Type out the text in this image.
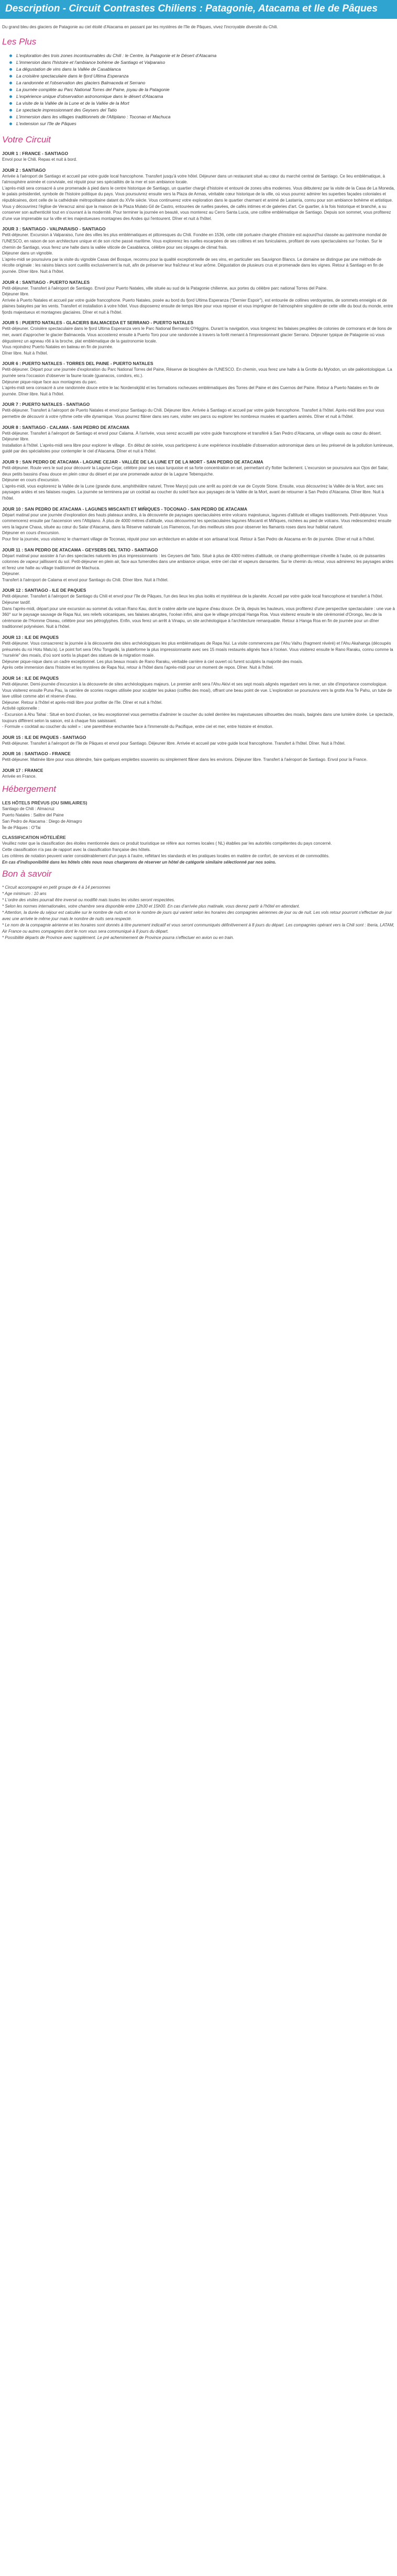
Description - Circuit Contrastes Chiliens : Patagonie, Atacama et Ile de Pâques

Du grand bleu des glaciers de Patagonie au ciel étoilé d'Atacama en passant par les mystères de l'île de Pâques, vivez l'incroyable diversité du Chili.

Les Plus
L'exploration des trois zones incontournables du Chili : le Centre, la Patagonie et le Désert d'Atacama
L'immersion dans l'histoire et l'ambiance bohème de Santiago et Valparaiso
La dégustation de vins dans la Vallée de Casablanca
La croisière spectaculaire dans le fjord Ultima Esperanza
La randonnée et l'observation des glaciers Balmaceda et Serrano
La journée complète au Parc National Torres del Paine, joyau de la Patagonie
L'expérience unique d'observation astronomique dans le désert d'Atacama
La visite de la Vallée de la Lune et de la Vallée de la Mort
Le spectacle impressionnant des Geysers del Tatio
L'immersion dans les villages traditionnels de l'Altiplano : Toconao et Machuca
L'extension sur l'île de Pâques
Votre Circuit
JOUR 1 : FRANCE - SANTIAGO

Envol pour le Chili. Repas et nuit à bord.

JOUR 2 : SANTIAGO

Arrivée à l'aéroport de Santiago et accueil par votre guide local francophone. Transfert jusqu'à votre hôtel. Déjeuner dans un restaurant situé au cœur du marché central de Santiago. Ce lieu emblématique, à l'atmosphère animée et conviviale, est réputé pour ses spécialités de la mer et son ambiance locale.

L'après-midi sera consacré à une promenade à pied dans le centre historique de Santiago, un quartier chargé d'histoire et entouré de zones ultra modernes. Vous débuterez par la visite de la Casa de La Moneda, le palais présidentiel, symbole de l'histoire politique du pays. Vous poursuivrez ensuite vers la Plaza de Armas, véritable cœur historique de la ville, où vous pourrez admirer les superbes façades coloniales et républicaines, dont celle de la cathédrale métropolitaine datant du XVIe siècle. Vous continuerez votre exploration dans le quartier charmant et animé de Lastarria, connu pour son ambiance bohème et artistique. Vous y découvrirez l'église de Veracruz ainsi que la maison de la Plaza Mulato Gil de Castro, entourées de ruelles pavées, de cafés intimes et de galeries d'art. Ce quartier, à la fois historique et branché, a su conserver son authenticité tout en s'ouvrant à la modernité. Pour terminer la journée en beauté, vous monterez au Cerro Santa Lucia, une colline emblématique de Santiago. Depuis son sommet, vous profiterez d'une vue imprenable sur la ville et les majestueuses montagnes des Andes qui l'entourent. Dîner et nuit à l'hôtel.

JOUR 3 : SANTIAGO - VALPARAISO - SANTIAGO

Petit-déjeuner. Excursion à Valparaiso, l'une des villes les plus emblématiques et pittoresques du Chili. Fondée en 1536, cette cité portuaire chargée d'histoire est aujourd'hui classée au patrimoine mondial de l'UNESCO, en raison de son architecture unique et de son riche passé maritime. Vous explorerez les ruelles escarpées de ses collines et ses funiculaires, profitant de vues spectaculaires sur l'océan. Sur le chemin de Santiago, vous ferez une halte dans la vallée viticole de Casablanca, célèbre pour ses cépages de climat frais.

Déjeuner dans un vignoble.

L'après-midi se poursuivra par la visite du vignoble Casas del Bosque, reconnu pour la qualité exceptionnelle de ses vins, en particulier ses Sauvignon Blancs. Le domaine se distingue par une méthode de récolte originale : les raisins blancs sont cueillis exclusivement la nuit, afin de préserver leur fraîcheur et leur arôme. Dégustation de plusieurs crus et promenade dans les vignes. Retour à Santiago en fin de journée. Dîner libre. Nuit à l'hôtel.

JOUR 4 : SANTIAGO - PUERTO NATALES

Petit-déjeuner. Transfert à l'aéroport de Santiago. Envol pour Puerto Natales, ville située au sud de la Patagonie chilienne, aux portes du célèbre parc national Torres del Paine.

Déjeuner libre.

Arrivée à Puerto Natales et accueil par votre guide francophone. Puerto Natales, posée au bord du fjord Ultima Esperanza ("Dernier Espoir"), est entourée de collines verdoyantes, de sommets enneigés et de plaines balayées par les vents. Transfert et installation à votre hôtel. Vous disposerez ensuite de temps libre pour vous reposer et vous imprégner de l'atmosphère singulière de cette ville du bout du monde, entre fjords majestueux et montagnes glaciaires. Dîner et nuit à l'hôtel.

JOUR 5 : PUERTO NATALES - GLACIERS BALMACEDA ET SERRANO - PUERTO NATALES

Petit-déjeuner. Croisière spectaculaire dans le fjord Ultima Esperanza vers le Parc National Bernardo O'Higgins. Durant la navigation, vous longerez les falaises peuplées de colonies de cormorans et de lions de mer, avant d'approcher le glacier Balmaceda. Vous accosterez ensuite à Puerto Toro pour une randonnée à travers la forêt menant à l'impressionnant glacier Serrano. Déjeuner typique de Patagonie où vous dégusterez un agneau rôti à la broche, plat emblématique de la gastronomie locale.

Vous rejoindrez Puerto Natales en bateau en fin de journée.

Dîner libre. Nuit à l'hôtel.

JOUR 6 : PUERTO NATALES - TORRES DEL PAINE - PUERTO NATALES

Petit-déjeuner. Départ pour une journée d'exploration du Parc National Torres del Paine, Réserve de biosphère de l'UNESCO. En chemin, vous ferez une halte à la Grotte du Mylodon, un site paléontologique. La journée sera l'occasion d'observer la faune locale (guanacos, condors, etc.).

Déjeuner pique-nique face aux montagnes du parc.

L'après-midi sera consacré à une randonnée douce entre le lac Nordenskjöld et les formations rocheuses emblématiques des Torres del Paine et des Cuernos del Paine. Retour à Puerto Natales en fin de journée. Dîner libre. Nuit à l'hôtel.

JOUR 7 : PUERTO NATALES - SANTIAGO

Petit-déjeuner. Transfert à l'aéroport de Puerto Natales et envol pour Santiago du Chili. Déjeuner libre. Arrivée à Santiago et accueil par votre guide francophone. Transfert à l'hôtel. Après-midi libre pour vous permettre de découvrir à votre rythme cette ville dynamique. Vous pourrez flâner dans ses rues, visiter ses parcs ou explorer les nombreux musées et quartiers animés. Dîner et nuit à l'hôtel.

JOUR 8 : SANTIAGO - CALAMA - SAN PEDRO DE ATACAMA

Petit-déjeuner. Transfert à l'aéroport de Santiago et envol pour Calama. À l'arrivée, vous serez accueilli par votre guide francophone et transféré à San Pedro d'Atacama, un village oasis au cœur du désert.

Déjeuner libre.

Installation à l'hôtel. L'après-midi sera libre pour explorer le village . En début de soirée, vous participerez à une expérience inoubliable d'observation astronomique dans un lieu préservé de la pollution lumineuse, guidé par des spécialistes pour contempler le ciel d'Atacama. Dîner et nuit à l'hôtel.

JOUR 9 : SAN PEDRO DE ATACAMA - LAGUNE CEJAR - VALLÉE DE LA LUNE ET DE LA MORT - SAN PEDRO DE ATACAMA

Petit-déjeuner. Route vers le sud pour découvrir la Lagune Cejar, célèbre pour ses eaux turquoise et sa forte concentration en sel, permettant d'y flotter facilement. L'excursion se poursuivra aux Ojos del Salar, deux petits bassins d'eau douce en plein cœur du désert et par une promenade autour de la Lagune Tebenquiche.

Déjeuner en cours d'excursion.

L'après-midi, vous explorerez la Vallée de la Lune (grande dune, amphithéâtre naturel, Three Marys) puis une arrêt au point de vue de Coyote Stone. Ensuite, vous découvrirez la Vallée de la Mort, avec ses paysages arides et ses falaises rougies. La journée se terminera par un cocktail au coucher du soleil face aux paysages de la Vallée de la Mort, avant de retourner à San Pedro d'Atacama. Dîner libre. Nuit à l'hôtel.

JOUR 10 : SAN PEDRO DE ATACAMA - LAGUNES MISCANTI ET MIÑIQUES - TOCONAO - SAN PEDRO DE ATACAMA

Départ matinal pour une journée d'exploration des hauts plateaux andins, à la découverte de paysages spectaculaires entre volcans majestueux, lagunes d'altitude et villages traditionnels. Petit-déjeuner. Vous commencerez ensuite par l'ascension vers l'Altiplano. À plus de 4000 mètres d'altitude, vous découvrirez les spectaculaires lagunes Miscanti et Miñiques, nichées au pied de volcans. Vous redescendrez ensuite vers la lagune Chaxa, située au cœur du Salar d'Atacama, dans la Réserve nationale Los Flamencos, l'un des meilleurs sites pour observer les flamants roses dans leur habitat naturel.

Déjeuner en cours d'excursion.

Pour finir la journée, vous visiterez le charmant village de Toconao, réputé pour son architecture en adobe et son artisanat local. Retour à San Pedro de Atacama en fin de journée. Dîner et nuit à l'hôtel.

JOUR 11 : SAN PEDRO DE ATACAMA - GEYSERS DEL TATIO - SANTIAGO

Départ matinal pour assister à l'un des spectacles naturels les plus impressionnants : les Geysers del Tatio. Situé à plus de 4300 mètres d'altitude, ce champ géothermique s'éveille à l'aube, où de puissantes colonnes de vapeur jaillissent du sol. Petit-déjeuner en plein air, face aux fumerolles dans une ambiance unique, entre ciel clair et vapeurs dansantes. Sur le chemin du retour, vous admirerez les paysages arides et ferez une halte au village traditionnel de Machuca.

Déjeuner.

Transfert à l'aéroport de Calama et envol pour Santiago du Chili. Dîner libre. Nuit à l'hôtel.

JOUR 12 : SANTIAGO - ILE DE PAQUES

Petit-déjeuner. Transfert à l'aéroport de Santiago du Chili et envol pour l'île de Pâques, l'un des lieux les plus isolés et mystérieux de la planète. Accueil par votre guide local francophone et transfert à l'hôtel.

Déjeuner tardif.

Dans l'après-midi, départ pour une excursion au sommet du volcan Rano Kau, dont le cratère abrite une lagune d'eau douce. De là, depuis les hauteurs, vous profiterez d'une perspective spectaculaire : une vue à 360° sur le paysage sauvage de Rapa Nui, ses reliefs volcaniques, ses falaises abruptes, l'océan infini, ainsi que le village principal Hanga Roa. Vous visiterez ensuite le site cérémoniel d'Orongo, lieu de la cérémonie de l'Homme Oiseau, célèbre pour ses pétroglyphes. Enfin, vous ferez un arrêt à Vinapu, un site archéologique à l'architecture remarquable. Retour à Hanga Roa en fin de journée pour un dîner traditionnel polynésien. Nuit à l'hôtel.

JOUR 13 : ILE DE PAQUES

Petit-déjeuner. Vous consacrerez la journée à la découverte des sites archéologiques les plus emblématiques de Rapa Nui. La visite commencera par l'Ahu Vaihu (fragment révéré) et l'Ahu Akahanga (découpés présumés du roi Hotu Matu'a). Le point fort sera l'Ahu Tongariki, la plateforme la plus impressionnante avec ses 15 moaïs restaurés alignés face à l'océan. Vous visiterez ensuite le Rano Raraku, connu comme la "nursérie" des moaïs, d'où sont sortis la plupart des statues de la migration moaïe.

Déjeuner pique-nique dans un cadre exceptionnel. Les plus beaux moaïs de Rano Raraku, véritable carrière à ciel ouvert où furent sculptés la majorité des moaïs.

Après cette immersion dans l'histoire et les mystères de Rapa Nui, retour à l'hôtel dans l'après-midi pour un moment de repos. Dîner. Nuit à l'hôtel.

JOUR 14 : ILE DE PAQUES

Petit-déjeuner. Demi-journée d'excursion à la découverte de sites archéologiques majeurs. Le premier arrêt sera l'Ahu Akivi et ses sept moaïs alignés regardant vers la mer, un site d'importance cosmologique. Vous visiterez ensuite Puna Pau, la carrière de scories rouges utilisée pour sculpter les pukao (coiffes des moaï), offrant une beau point de vue. L'exploration se poursuivra vers la grotte Ana Te Pahu, un tube de lave utilisé comme abri et réserve d'eau.

Déjeuner. Retour à l'hôtel et après-midi libre pour profiter de l'île. Dîner et nuit à l'hôtel.

Activité optionnelle :

- Excursion à Ahu Tahai : Situé en bord d'océan, ce lieu exceptionnel vous permettra d'admirer le coucher du soleil derrière les majestueuses silhouettes des moaïs, baignés dans une lumière dorée. Le spectacle, toujours différent selon la saison, est à chaque fois saisissant.

- Formule « cocktail au coucher du soleil » : une parenthèse enchantée face à l'immensité du Pacifique, entre ciel et mer, entre histoire et émotion.

JOUR 15 : ILE DE PAQUES - SANTIAGO

Petit-déjeuner. Transfert à l'aéroport de l'île de Pâques et envol pour Santiago. Déjeuner libre. Arrivée et accueil par votre guide local francophone. Transfert à l'hôtel. Dîner. Nuit à l'hôtel.

JOUR 16 : SANTIAGO - FRANCE

Petit-déjeuner. Matinée libre pour vous détendre, faire quelques emplettes souvenirs ou simplement flâner dans les environs. Déjeuner libre. Transfert à l'aéroport de Santiago. Envol pour la France.

JOUR 17 : FRANCE

Arrivée en France.

Hébergement

LES HÔTELS PRÉVUS (OU SIMILAIRES)

Santiago de Chili : Almacruz

Puerto Natales : Salitre del Paine

San Pedro de Atacama : Diego de Almagro

Île de Pâques : O'Tai

CLASSIFICATION HÔTELIÈRE

Veuillez noter que la classification des étoiles mentionnée dans ce produit touristique se réfère aux normes locales ( NL) établies par les autorités compétentes du pays concerné.

Cette classification n'a pas de rapport avec la classification française des hôtels.

Les critères de notation peuvent varier considérablement d'un pays à l'autre, reflétant les standards et les pratiques locales en matière de confort, de services et de commodités.

En cas d'indisponibilité dans les hôtels cités nous nous chargerons de réserver un hôtel de catégorie similaire sélectionné par nos soins.

Bon à savoir

* Circuit accompagné en petit groupe de 4 à 14 personnes

* Age minimum : 10 ans

* L'ordre des visites pourrait être inversé ou modifié mais toutes les visites seront respectées.

* Selon les normes internationales, votre chambre sera disponible entre 12h30 et 15h00. En cas d'arrivée plus matinale, vous devrez partir à l'hôtel en attendant.

* Attention, la durée du séjour est calculée sur le nombre de nuits et non le nombre de jours qui varient selon les horaires des compagnies aériennes de jour ou de nuit. Les vols retour pourront s'effectuer de jour avec une arrivée le même jour mais le nombre de nuits sera respecté.

* Le nom de la compagnie aérienne et les horaires sont donnés à titre purement indicatif et vous seront communiqués définitivement à 8 jours du départ. Les compagnies opérant vers la Chili sont : Iberia, LATAM, Air France ou autres compagnies dont le nom vous sera communiqué à 8 jours du départ.

* Possibilité départs de Province avec supplément. Le pré acheminement de Province pourra s'effectuer en avion ou en train.
